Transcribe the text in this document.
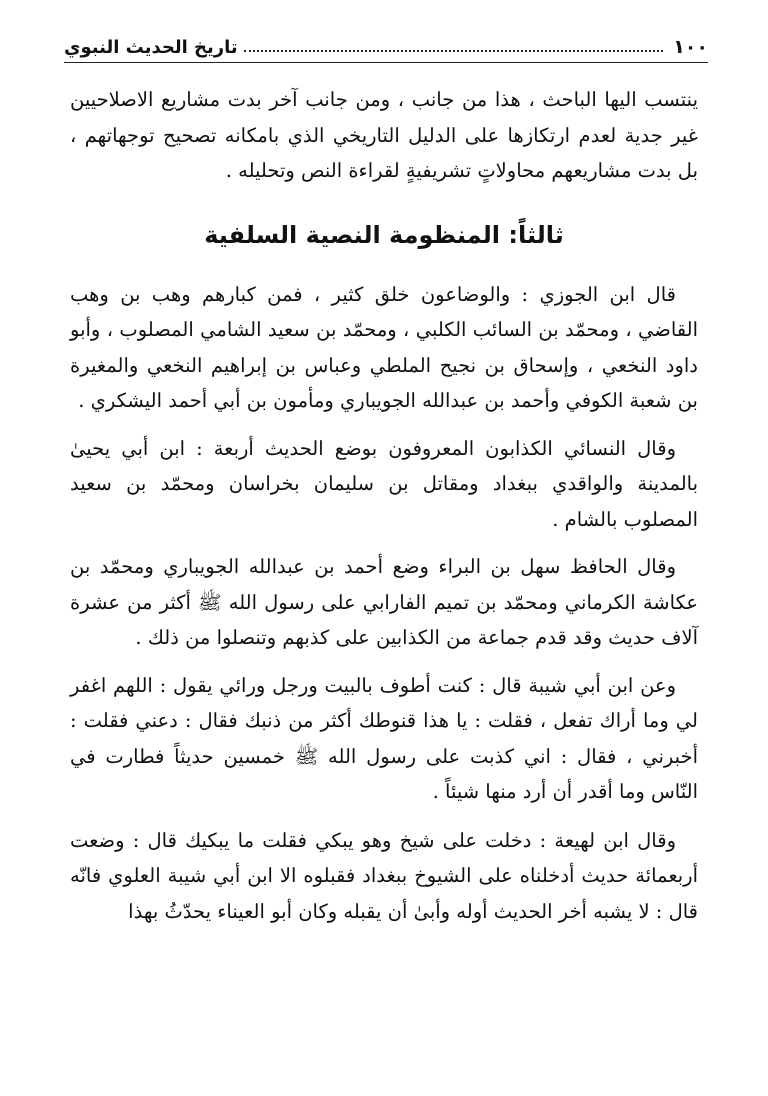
١٠٠
تاريخ الحديث النبوي

ينتسب اليها الباحث ، هذا من جانب ، ومن جانب آخر بدت مشاريع الاصلاحيين غير جدية لعدم ارتكازها على الدليل التاريخي الذي بامكانه تصحيح توجهاتهم ، بل بدت مشاريعهم محاولاتٍ تشريفيةٍ لقراءة النص وتحليله .

ثالثاً: المنظومة النصية السلفية

قال ابن الجوزي : والوضاعون خلق كثير ، فمن كبارهم وهب بن وهب القاضي ، ومحمّد بن السائب الكلبي ، ومحمّد بن سعيد الشامي المصلوب ، وأبو داود النخعي ، وإسحاق بن نجيح الملطي وعباس بن إبراهيم النخعي والمغيرة بن شعبة الكوفي وأحمد بن عبدالله الجويباري ومأمون بن أبي أحمد اليشكري .

وقال النسائي الكذابون المعروفون بوضع الحديث أربعة : ابن أبي يحيىٰ بالمدينة والواقدي ببغداد ومقاتل بن سليمان بخراسان ومحمّد بن سعيد المصلوب بالشام .

وقال الحافظ سهل بن البراء وضع أحمد بن عبدالله الجويباري ومحمّد بن عكاشة الكرماني ومحمّد بن تميم الفارابي على رسول الله ﷺ أكثر من عشرة آلاف حديث وقد قدم جماعة من الكذابين على كذبهم وتنصلوا من ذلك .

وعن ابن أبي شيبة قال : كنت أطوف بالبيت ورجل ورائي يقول : اللهم اغفر لي وما أراك تفعل ، فقلت : يا هذا قنوطك أكثر من ذنبك فقال : دعني فقلت : أخبرني ، فقال : اني كذبت على رسول الله ﷺ خمسين حديثاً فطارت في النّاس وما أقدر أن أرد منها شيئاً .

وقال ابن لهيعة : دخلت على شيخ وهو يبكي فقلت ما يبكيك قال : وضعت أربعمائة حديث أدخلناه على الشيوخ ببغداد فقبلوه الا ابن أبي شيبة العلوي فانّه قال : لا يشبه أخر الحديث أوله وأبىٰ أن يقبله وكان أبو العيناء يحدّثُ بهذا
